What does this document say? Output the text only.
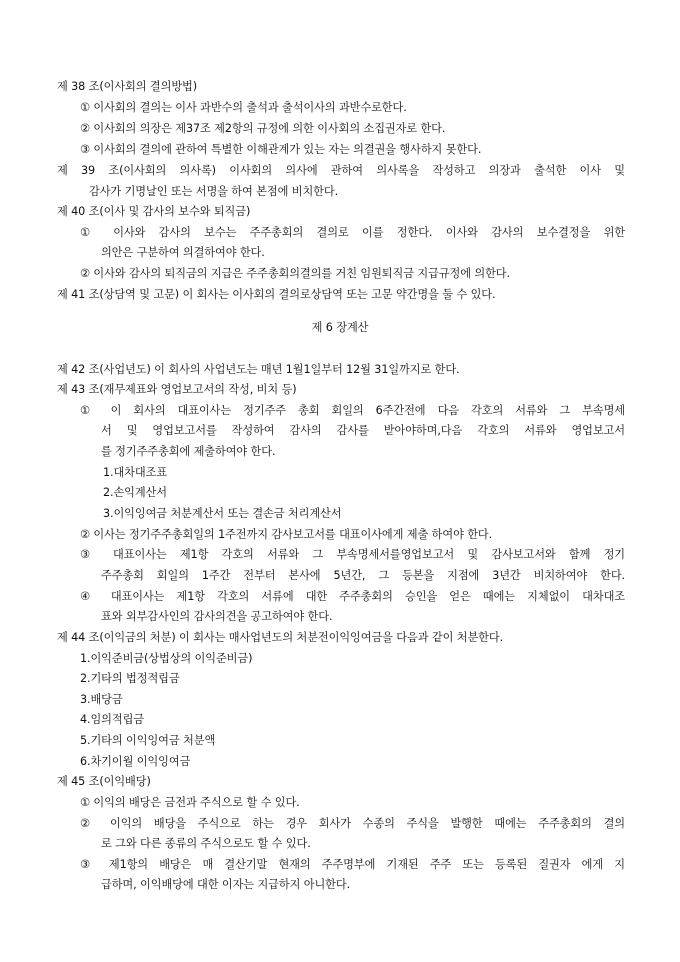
제 38 조(이사회의 결의방법)
① 이사회의 결의는 이사 과반수의 출석과 출석이사의 과반수로한다.
② 이사회의 의장은 제37조 제2항의 규정에 의한 이사회의 소집권자로 한다.
③ 이사회의 결의에 관하여 특별한 이해관계가 있는 자는 의결권을 행사하지 못한다.
제 39 조(이사회의 의사록) 이사회의 의사에 관하여 의사록을 작성하고 의장과 출석한 이사 및
감사가 기명날인 또는 서명을 하여 본점에 비치한다.
제 40 조(이사 및 감사의 보수와 퇴직금)
① 이사와 감사의 보수는 주주총회의 결의로 이를 정한다. 이사와 감사의 보수결정을 위한
의안은 구분하여 의결하여야 한다.
② 이사와 감사의 퇴직금의 지급은 주주총회의결의를 거친 임원퇴직금 지급규정에 의한다.
제 41 조(상담역 및 고문) 이 회사는 이사회의 결의로상담역 또는 고문 약간명을 둘 수 있다.
제 6 장계산
제 42 조(사업년도) 이 회사의 사업년도는 매년 1월1일부터 12월 31일까지로 한다.
제 43 조(재무제표와 영업보고서의 작성, 비치 등)
① 이 회사의 대표이사는 정기주주 총회 회일의 6주간전에 다음 각호의 서류와 그 부속명세
서 및 영업보고서를 작성하여 감사의 감사를 받아야하며,다음 각호의 서류와 영업보고서
를 정기주주총회에 제출하여야 한다.
1.대차대조표
2.손익계산서
3.이익잉여금 처분계산서 또는 결손금 처리계산서
② 이사는 정기주주총회일의 1주전까지 감사보고서를 대표이사에게 제출 하여야 한다.
③ 대표이사는 제1항 각호의 서류와 그 부속명세서를영업보고서 및 감사보고서와 함께 정기
주주총회 회일의 1주간 전부터 본사에 5년간, 그 등본을 지점에 3년간 비치하여야 한다.
④ 대표이사는 제1항 각호의 서류에 대한 주주총회의 승인을 얻은 때에는 지체없이 대차대조
표와 외부감사인의 감사의견을 공고하여야 한다.
제 44 조(이익금의 처분) 이 회사는 매사업년도의 처분전이익잉여금을 다음과 같이 처분한다.
1.이익준비금(상법상의 이익준비금)
2.기타의 법정적립금
3.배당금
4.임의적립금
5.기타의 이익잉여금 처분액
6.차기이월 이익잉여금
제 45 조(이익배당)
① 이익의 배당은 금전과 주식으로 할 수 있다.
② 이익의 배당을 주식으로 하는 경우 회사가 수종의 주식을 발행한 때에는 주주총회의 결의
로 그와 다른 종류의 주식으로도 할 수 있다.
③ 제1항의 배당은 매 결산기말 현재의 주주명부에 기재된 주주 또는 등록된 질권자 에게 지
급하며, 이익배당에 대한 이자는 지급하지 아니한다.
